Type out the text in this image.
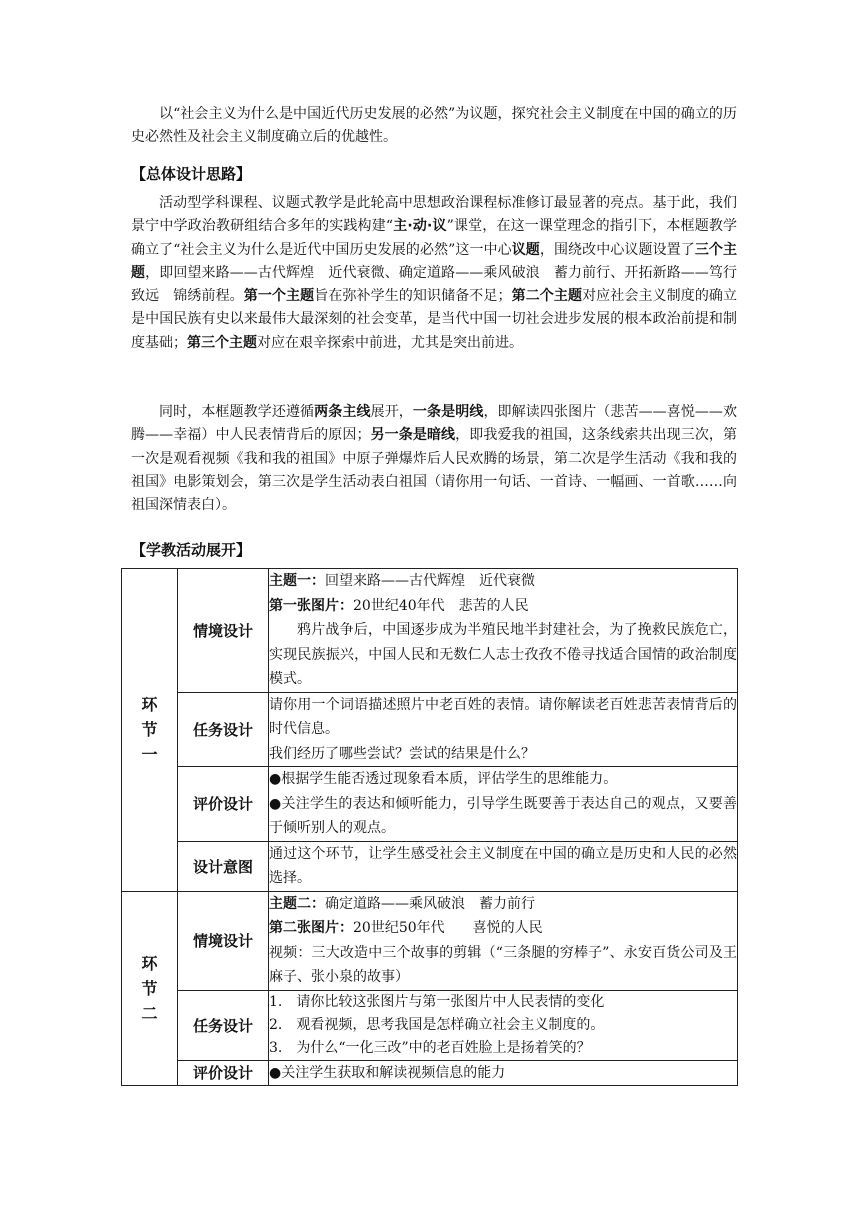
以“社会主义为什么是中国近代历史发展的必然”为议题，探究社会主义制度在中国的确立的历史必然性及社会主义制度确立后的优越性。

【总体设计思路】

活动型学科课程、议题式教学是此轮高中思想政治课程标准修订最显著的亮点。基于此，我们景宁中学政治教研组结合多年的实践构建“主·动·议”课堂，在这一课堂理念的指引下，本框题教学确立了“社会主义为什么是近代中国历史发展的必然”这一中心议题，围绕改中心议题设置了三个主题，即回望来路——古代辉煌　近代衰微、确定道路——乘风破浪　蓄力前行、开拓新路——笃行致远　锦绣前程。第一个主题旨在弥补学生的知识储备不足；第二个主题对应社会主义制度的确立是中国民族有史以来最伟大最深刻的社会变革，是当代中国一切社会进步发展的根本政治前提和制度基础；第三个主题对应在艰辛探索中前进，尤其是突出前进。

同时，本框题教学还遵循两条主线展开，一条是明线，即解读四张图片（悲苦——喜悦——欢腾——幸福）中人民表情背后的原因；另一条是暗线，即我爱我的祖国，这条线索共出现三次，第一次是观看视频《我和我的祖国》中原子弹爆炸后人民欢腾的场景，第二次是学生活动《我和我的祖国》电影策划会，第三次是学生活动表白祖国（请你用一句话、一首诗、一幅画、一首歌……向祖国深情表白）。

【学教活动展开】

环
节
一	情境设计	主题一：回望来路——古代辉煌　近代衰微
第一张图片：20世纪40年代　悲苦的人民
鸦片战争后，中国逐步成为半殖民地半封建社会，为了挽救民族危亡，实现民族振兴，中国人民和无数仁人志士孜孜不倦寻找适合国情的政治制度模式。

	任务设计	请你用一个词语描述照片中老百姓的表情。请你解读老百姓悲苦表情背后的时代信息。
我们经历了哪些尝试？尝试的结果是什么？

	评价设计	●根据学生能否透过现象看本质，评估学生的思维能力。
●关注学生的表达和倾听能力，引导学生既要善于表达自己的观点，又要善于倾听别人的观点。

	设计意图	通过这个环节，让学生感受社会主义制度在中国的确立是历史和人民的必然选择。

环
节
二	情境设计	主题二：确定道路——乘风破浪　蓄力前行
第二张图片：20世纪50年代　　喜悦的人民
视频：三大改造中三个故事的剪辑（“三条腿的穷棒子”、永安百货公司及王麻子、张小泉的故事）

	任务设计	1.　请你比较这张图片与第一张图片中人民表情的变化
2.　观看视频，思考我国是怎样确立社会主义制度的。
3.　为什么“一化三改”中的老百姓脸上是扬着笑的？

	评价设计	●关注学生获取和解读视频信息的能力
